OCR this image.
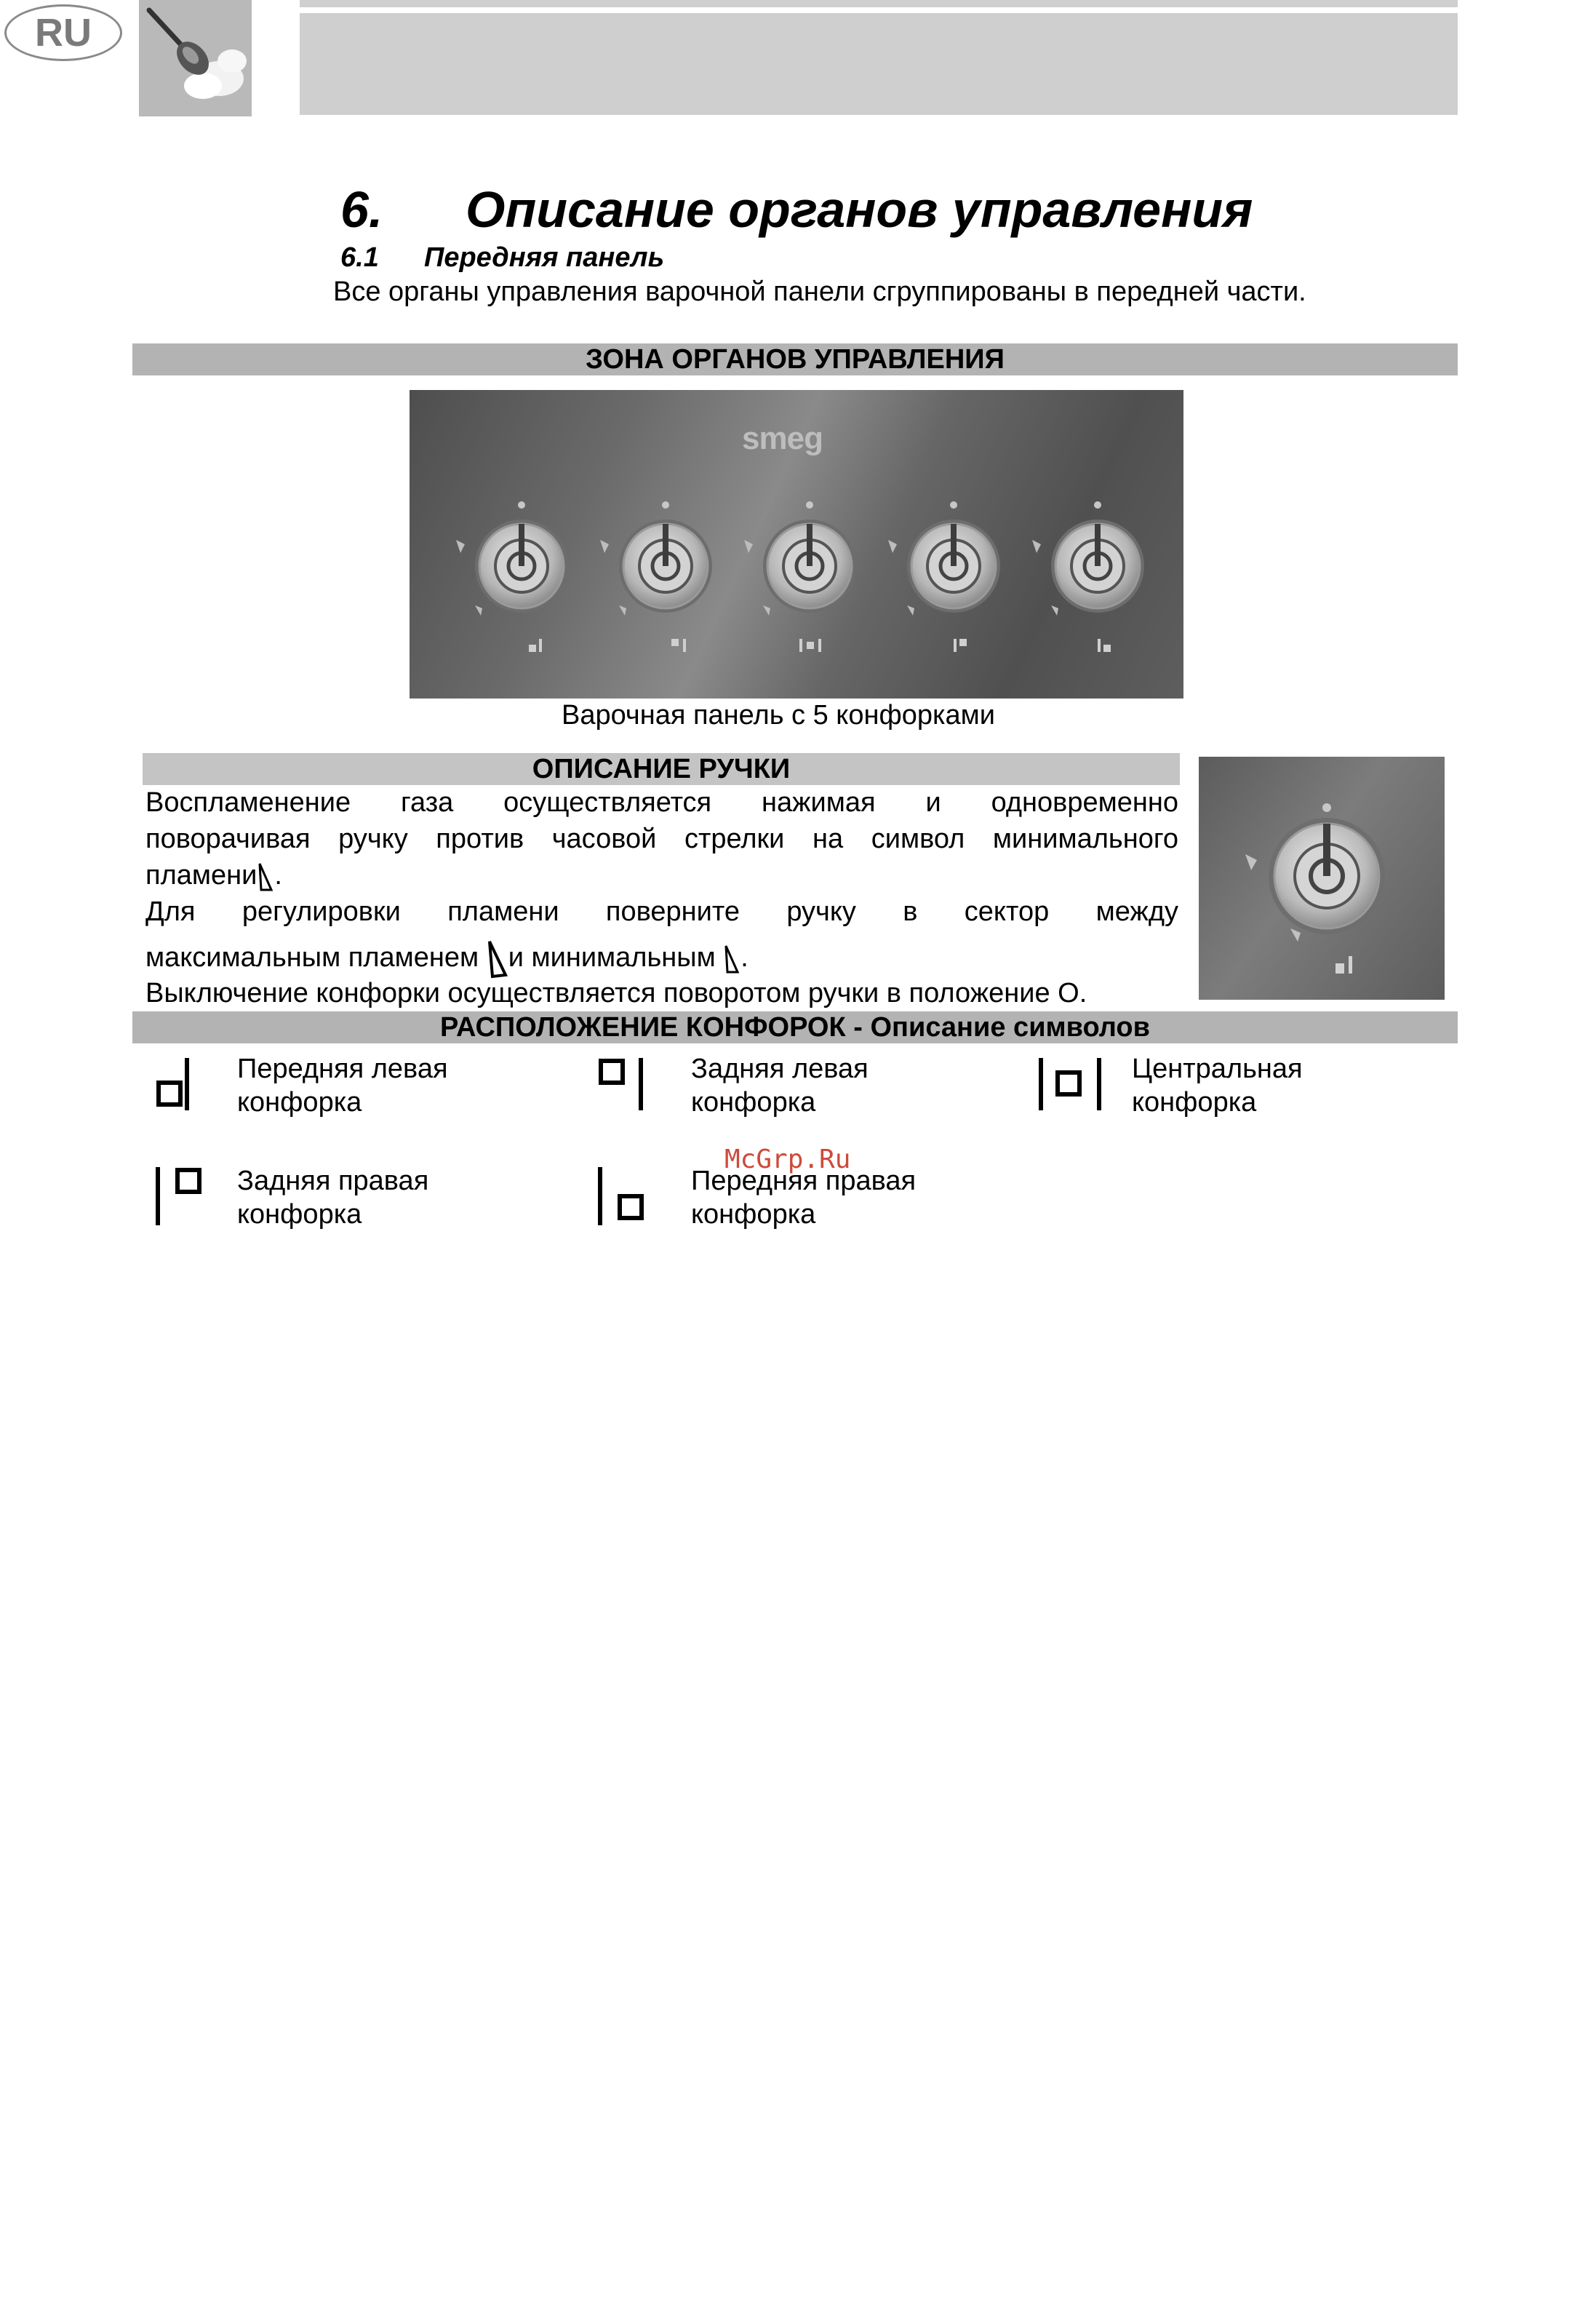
RU
6. Описание органов управления
6.1 Передняя панель
Все органы управления варочной панели сгруппированы в передней части.
ЗОНА ОРГАНОВ УПРАВЛЕНИЯ
smeg
Варочная панель с 5 конфорками
ОПИСАНИЕ РУЧКИ
Воспламенение газа осуществляется нажимая и одновременно
поворачивая ручку против часовой стрелки на символ минимального
пламени .
Для регулировки пламени поверните ручку в сектор между
максимальным пламенем и минимальным .
Выключение конфорки осуществляется поворотом ручки в положение О.
РАСПОЛОЖЕНИЕ КОНФОРОК - Описание символов
Передняя левая
конфорка
Задняя левая
конфорка
Центральная
конфорка
Задняя правая
конфорка
Передняя правая
конфорка
McGrp.Ru
